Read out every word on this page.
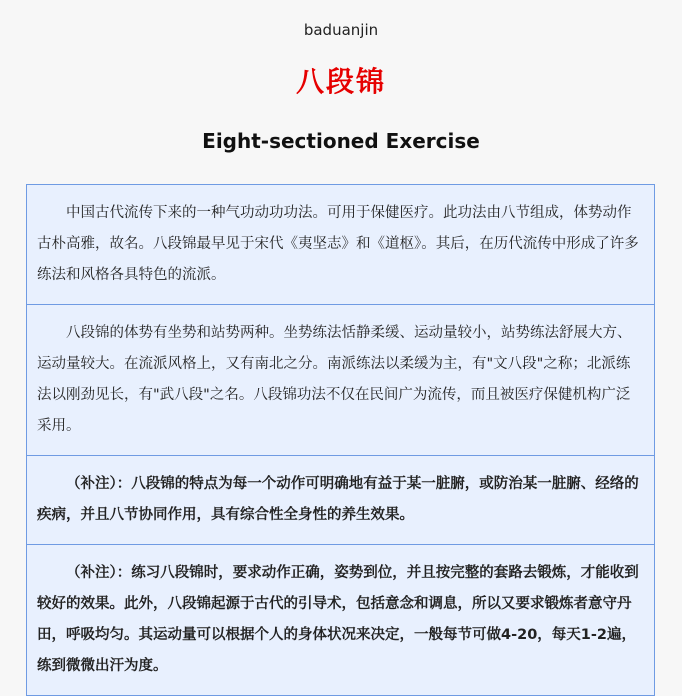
baduanjin
八段锦
Eight-sectioned Exercise
中国古代流传下来的一种气功动功功法。可用于保健医疗。此功法由八节组成，体势动作古朴高雅，故名。八段锦最早见于宋代《夷坚志》和《道枢》。其后，在历代流传中形成了许多练法和风格各具特色的流派。
八段锦的体势有坐势和站势两种。坐势练法恬静柔缓、运动量较小，站势练法舒展大方、运动量较大。在流派风格上，又有南北之分。南派练法以柔缓为主，有"文八段"之称；北派练法以刚劲见长，有"武八段"之名。八段锦功法不仅在民间广为流传，而且被医疗保健机构广泛采用。
（补注）：八段锦的特点为每一个动作可明确地有益于某一脏腑，或防治某一脏腑、经络的疾病，并且八节协同作用，具有综合性全身性的养生效果。
（补注）：练习八段锦时，要求动作正确，姿势到位，并且按完整的套路去锻炼，才能收到较好的效果。此外，八段锦起源于古代的引导术，包括意念和调息，所以又要求锻炼者意守丹田，呼吸均匀。其运动量可以根据个人的身体状况来决定，一般每节可做4-20，每天1-2遍，练到微微出汗为度。
